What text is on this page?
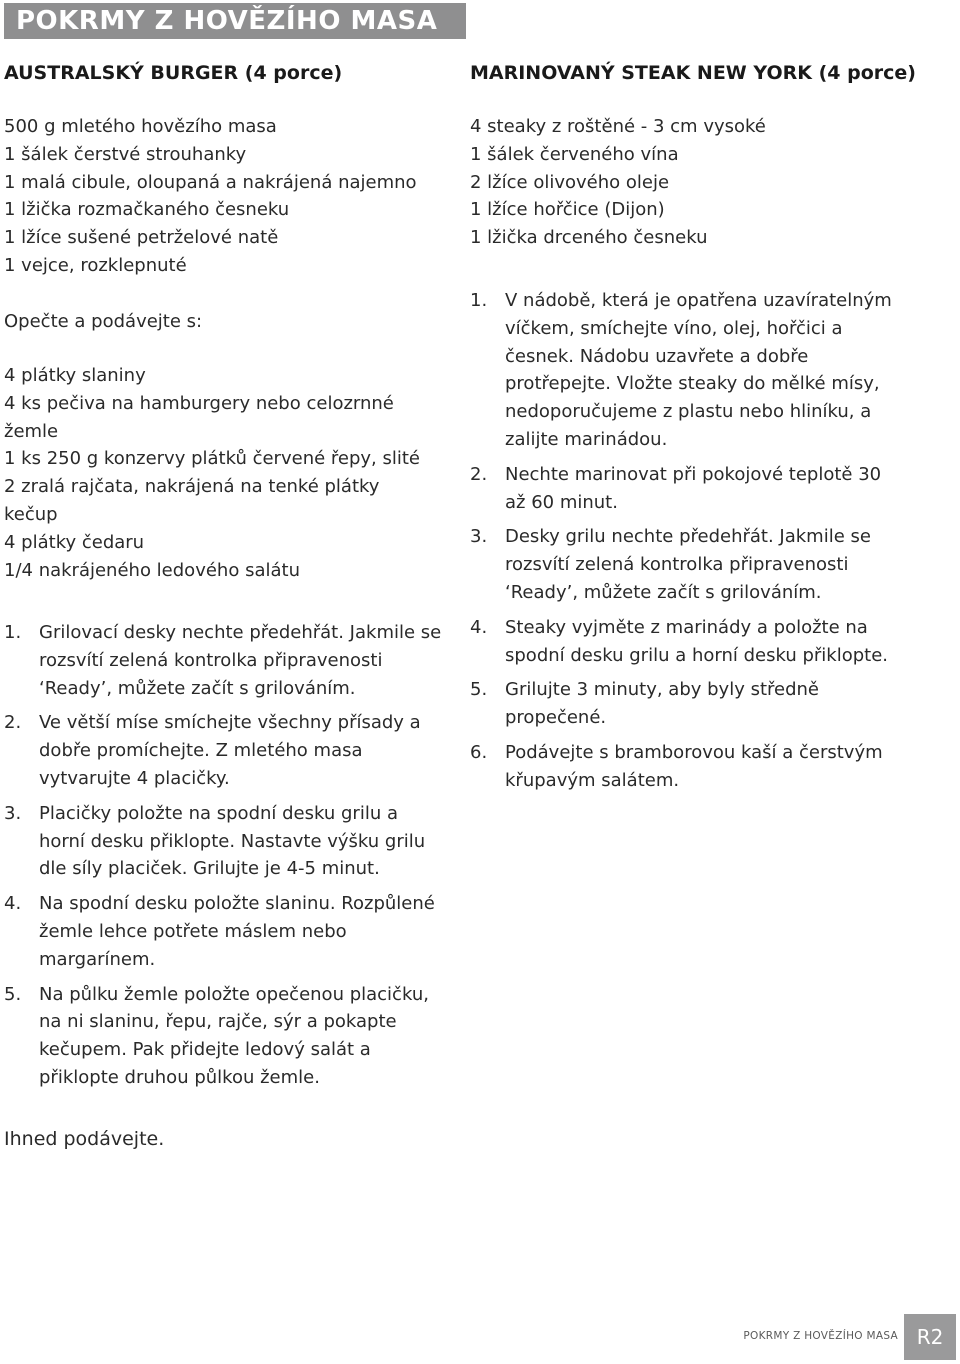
POKRMY Z HOVĚZÍHO MASA
AUSTRALSKÝ BURGER (4 porce)
500 g mletého hovězího masa
1 šálek čerstvé strouhanky
1 malá cibule, oloupaná a nakrájená najemno
1 lžička rozmačkaného česneku
1 lžíce sušené petrželové natě
1 vejce, rozklepnuté
Opečte a podávejte s:
4 plátky slaniny
4 ks pečiva na hamburgery nebo celozrnné
žemle
1 ks 250 g konzervy plátků červené řepy, slité
2 zralá rajčata, nakrájená na tenké plátky
kečup
4 plátky čedaru
1/4 nakrájeného ledového salátu
1. Grilovací desky nechte předehřát. Jakmile se rozsvítí zelená kontrolka připravenosti ‘Ready’, můžete začít s grilováním.
2. Ve větší míse smíchejte všechny přísady a dobře promíchejte. Z mletého masa vytvarujte 4 placičky.
3. Placičky položte na spodní desku grilu a horní desku přiklopte. Nastavte výšku grilu dle síly placiček. Grilujte je 4-5 minut.
4. Na spodní desku položte slaninu. Rozpůlené žemle lehce potřete máslem nebo margarínem.
5. Na půlku žemle položte opečenou placičku, na ni slaninu, řepu, rajče, sýr a pokapte kečupem. Pak přidejte ledový salát a přiklopte druhou půlkou žemle.
Ihned podávejte.
MARINOVANÝ STEAK NEW YORK (4 porce)
4 steaky z roštěné - 3 cm vysoké
1 šálek červeného vína
2 lžíce olivového oleje
1 lžíce hořčice (Dijon)
1 lžička drceného česneku
1. V nádobě, která je opatřena uzavíratelným víčkem, smíchejte víno, olej, hořčici a česnek. Nádobu uzavřete a dobře protřepejte. Vložte steaky do mělké mísy, nedoporučujeme z plastu nebo hliníku, a zalijte marinádou.
2. Nechte marinovat při pokojové teplotě 30 až 60 minut.
3. Desky grilu nechte předehřát. Jakmile se rozsvítí zelená kontrolka připravenosti ‘Ready’, můžete začít s grilováním.
4. Steaky vyjměte z marinády a položte na spodní desku grilu a horní desku přiklopte.
5. Grilujte 3 minuty, aby byly středně propečené.
6. Podávejte s bramborovou kaší a čerstvým křupavým salátem.
POKRMY Z HOVĚZÍHO MASA R2
